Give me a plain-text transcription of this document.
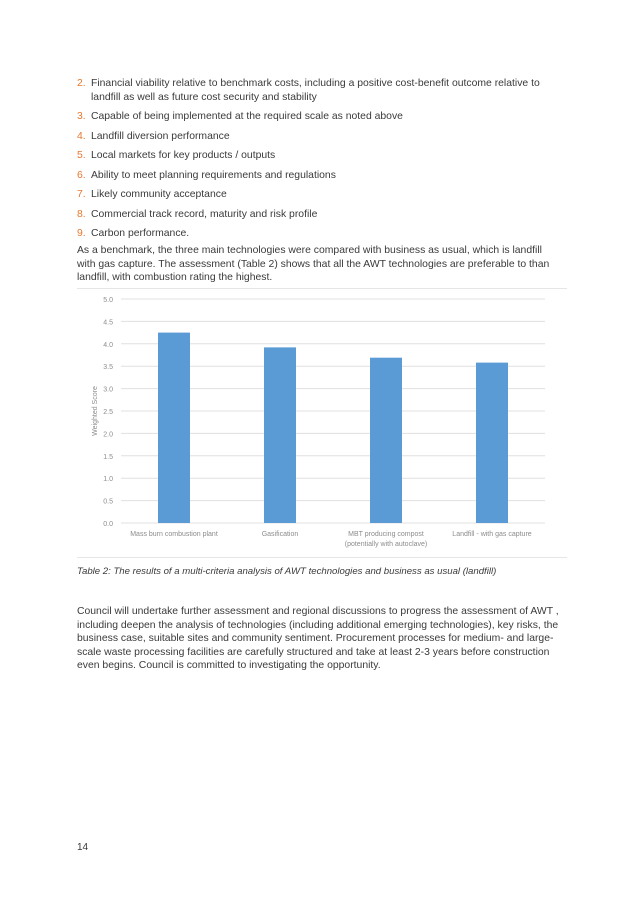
2. Financial viability relative to benchmark costs, including a positive cost-benefit outcome relative to landfill as well as future cost security and stability
3. Capable of being implemented at the required scale as noted above
4. Landfill diversion performance
5. Local markets for key products / outputs
6. Ability to meet planning requirements and regulations
7. Likely community acceptance
8. Commercial track record, maturity and risk profile
9. Carbon performance.

As a benchmark, the three main technologies were compared with business as usual, which is landfill with gas capture. The assessment (Table 2) shows that all the AWT technologies are preferable to than landfill, with combustion rating the highest.

0.0
0.5
1.0
1.5
2.0
2.5
3.0
3.5
4.0
4.5
5.0
Weighted Score
Mass burn combustion plant	Gasification	MBT producing compost
(potentially with autoclave)
Landfill - with gas capture

Table 2: The results of a multi-criteria analysis of AWT technologies and business as usual (landfill)

Council will undertake further assessment and regional discussions to progress the assessment of AWT , including deepen the analysis of technologies (including additional emerging technologies), key risks, the business case, suitable sites and community sentiment. Procurement processes for medium- and large-scale waste processing facilities are carefully structured and take at least 2-3 years before construction even begins. Council is committed to investigating the opportunity.

14
